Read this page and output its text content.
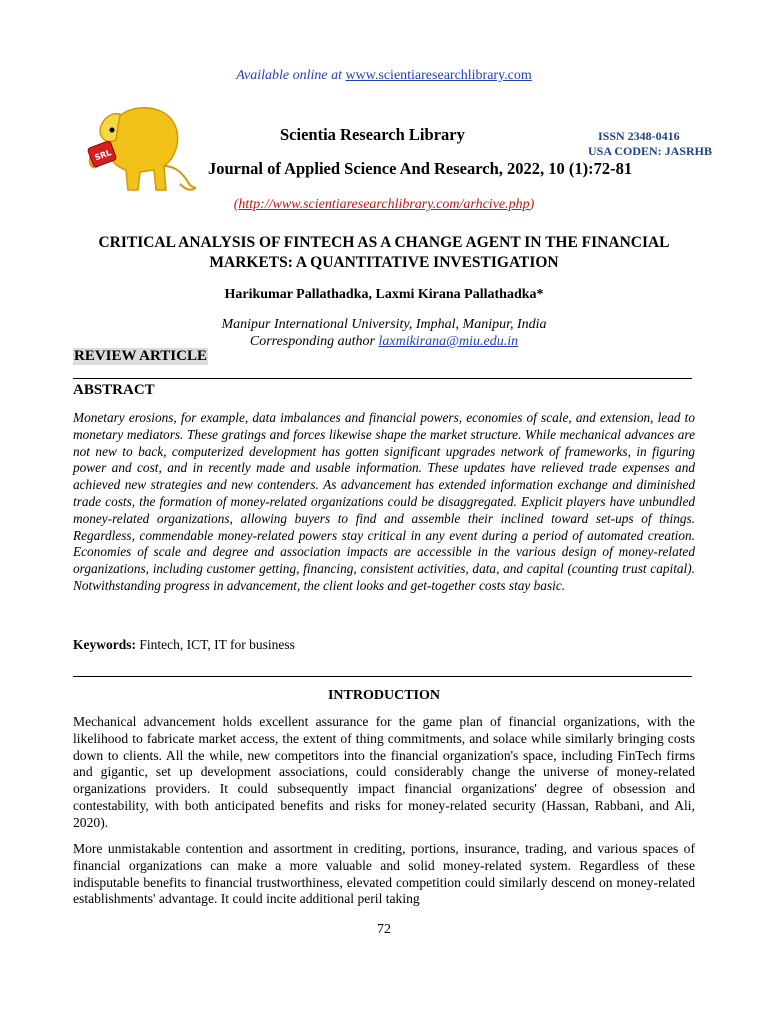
Available online at www.scientiaresearchlibrary.com
SRL
Scientia Research Library	ISSN 2348-0416
USA CODEN: JASRHB
Journal of Applied Science And Research, 2022, 10 (1):72-81
(http://www.scientiaresearchlibrary.com/arhcive.php)
CRITICAL ANALYSIS OF FINTECH AS A CHANGE AGENT IN THE FINANCIAL MARKETS: A QUANTITATIVE INVESTIGATION
Harikumar Pallathadka, Laxmi Kirana Pallathadka*
Manipur International University, Imphal, Manipur, India
Corresponding author laxmikirana@miu.edu.in
REVIEW ARTICLE
ABSTRACT
Monetary erosions, for example, data imbalances and financial powers, economies of scale, and extension, lead to monetary mediators. These gratings and forces likewise shape the market structure. While mechanical advances are not new to back, computerized development has gotten significant upgrades network of frameworks, in figuring power and cost, and in recently made and usable information. These updates have relieved trade expenses and achieved new strategies and new contenders. As advancement has extended information exchange and diminished trade costs, the formation of money-related organizations could be disaggregated. Explicit players have unbundled money-related organizations, allowing buyers to find and assemble their inclined toward set-ups of things. Regardless, commendable money-related powers stay critical in any event during a period of automated creation. Economies of scale and degree and association impacts are accessible in the various design of money-related organizations, including customer getting, financing, consistent activities, data, and capital (counting trust capital). Notwithstanding progress in advancement, the client looks and get-together costs stay basic.
Keywords: Fintech, ICT, IT for business
INTRODUCTION
Mechanical advancement holds excellent assurance for the game plan of financial organizations, with the likelihood to fabricate market access, the extent of thing commitments, and solace while similarly bringing costs down to clients. All the while, new competitors into the financial organization's space, including FinTech firms and gigantic, set up development associations, could considerably change the universe of money-related organizations providers. It could subsequently impact financial organizations' degree of obsession and contestability, with both anticipated benefits and risks for money-related security (Hassan, Rabbani, and Ali, 2020).
More unmistakable contention and assortment in crediting, portions, insurance, trading, and various spaces of financial organizations can make a more valuable and solid money-related system. Regardless of these indisputable benefits to financial trustworthiness, elevated competition could similarly descend on money-related establishments' advantage. It could incite additional peril taking
72
